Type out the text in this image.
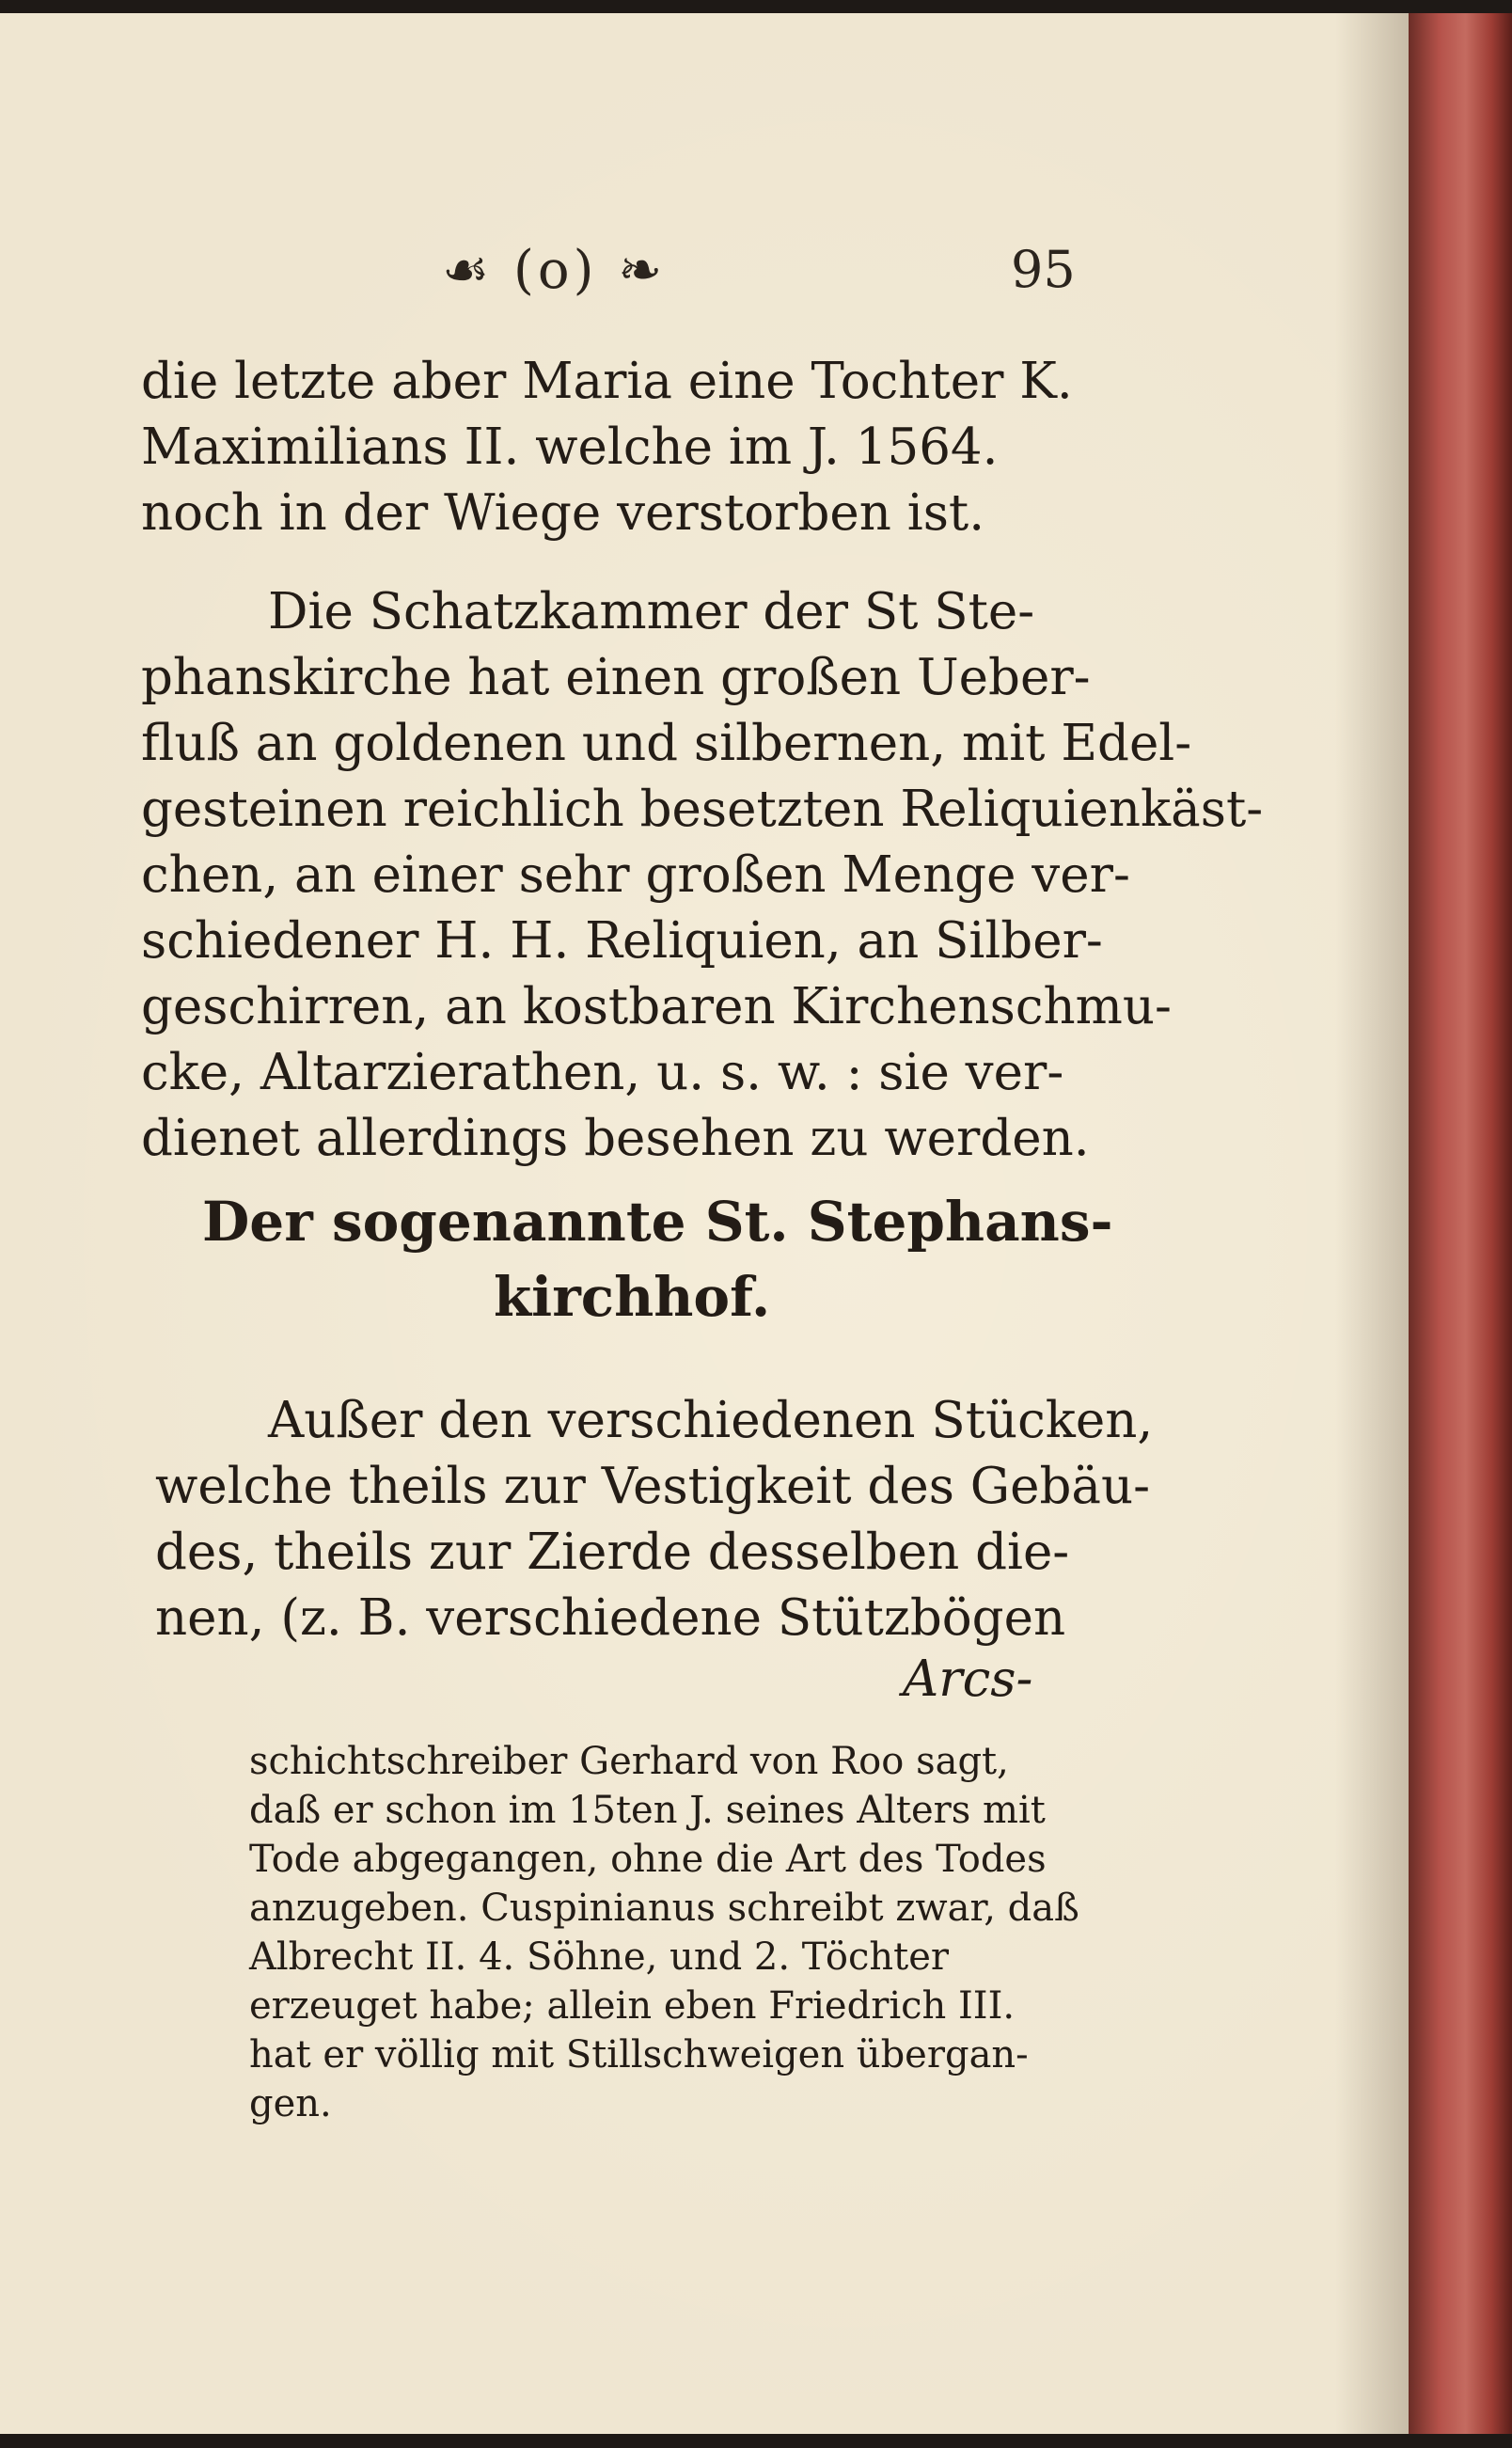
☙ (o) ❧	95
die letzte aber Maria eine Tochter K.
Maximilians II. welche im J. 1564.
noch in der Wiege verstorben ist.
Die Schatzkammer der St Ste-
phanskirche hat einen großen Ueber-
fluß an goldenen und silbernen, mit Edel-
gesteinen reichlich besetzten Reliquienkäst-
chen, an einer sehr großen Menge ver-
schiedener H. H. Reliquien, an Silber-
geschirren, an kostbaren Kirchenschmu-
cke, Altarzierathen, u. s. w. : sie ver-
dienet allerdings besehen zu werden.
Der sogenannte St. Stephans-
kirchhof.
Außer den verschiedenen Stücken,
welche theils zur Vestigkeit des Gebäu-
des, theils zur Zierde desselben die-
nen, (z. B. verschiedene Stützbögen
Arcs-
schichtschreiber Gerhard von Roo sagt,
daß er schon im 15ten J. seines Alters mit
Tode abgegangen, ohne die Art des Todes
anzugeben. Cuspinianus schreibt zwar, daß
Albrecht II. 4. Söhne, und 2. Töchter
erzeuget habe; allein eben Friedrich III.
hat er völlig mit Stillschweigen übergan-
gen.
